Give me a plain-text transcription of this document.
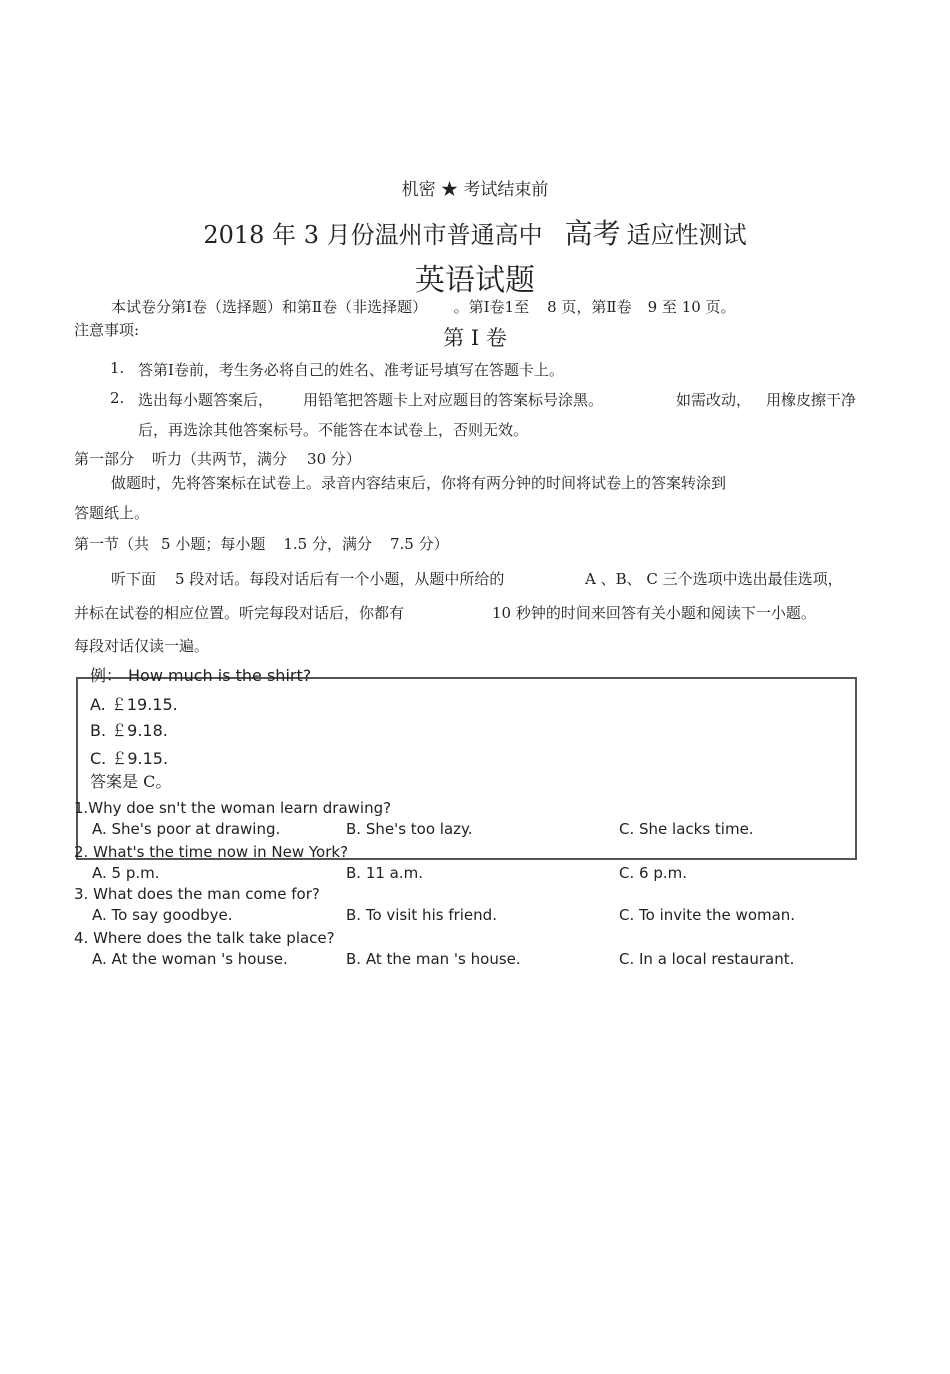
机密 ★ 考试结束前
2018 年 3 月份温州市普通高中 高考 适应性测试
英语试题
本试卷分第Ⅰ卷（选择题）和第Ⅱ卷（非选择题） 。第Ⅰ卷1至 8 页，第Ⅱ卷 9 至 10 页。
注意事项:	第 I 卷
1. 答第Ⅰ卷前，考生务必将自己的姓名、准考证号填写在答题卡上。
2. 选出每小题答案后， 用铅笔把答题卡上对应题目的答案标号涂黑。	如需改动， 用橡皮擦干净
后，再选涂其他答案标号。不能答在本试卷上，否则无效。
第一部分 听力（共两节，满分 30 分）
做题时，先将答案标在试卷上。录音内容结束后，你将有两分钟的时间将试卷上的答案转涂到
答题纸上。
第一节（共 5 小题；每小题 1.5 分，满分 7.5 分）
听下面 5 段对话。每段对话后有一个小题，从题中所给的	A 、B、 C 三个选项中选出最佳选项，
并标在试卷的相应位置。听完每段对话后，你都有	10 秒钟的时间来回答有关小题和阅读下一小题。
每段对话仅读一遍。
例： How much is the shirt?
A. ￡19.15.
B. ￡9.18.
C. ￡9.15.
答案是 C。
1.Why doe sn't the woman learn drawing?
A. She's poor at drawing.	B. She's too lazy.	C. She lacks time.
2. What's the time now in New York?
A. 5 p.m.	B. 11 a.m.	C. 6 p.m.
3. What does the man come for?
A. To say goodbye.	B. To visit his friend.	C. To invite the woman.
4. Where does the talk take place?
A. At the woman 's house.	B. At the man 's house.	C. In a local restaurant.
